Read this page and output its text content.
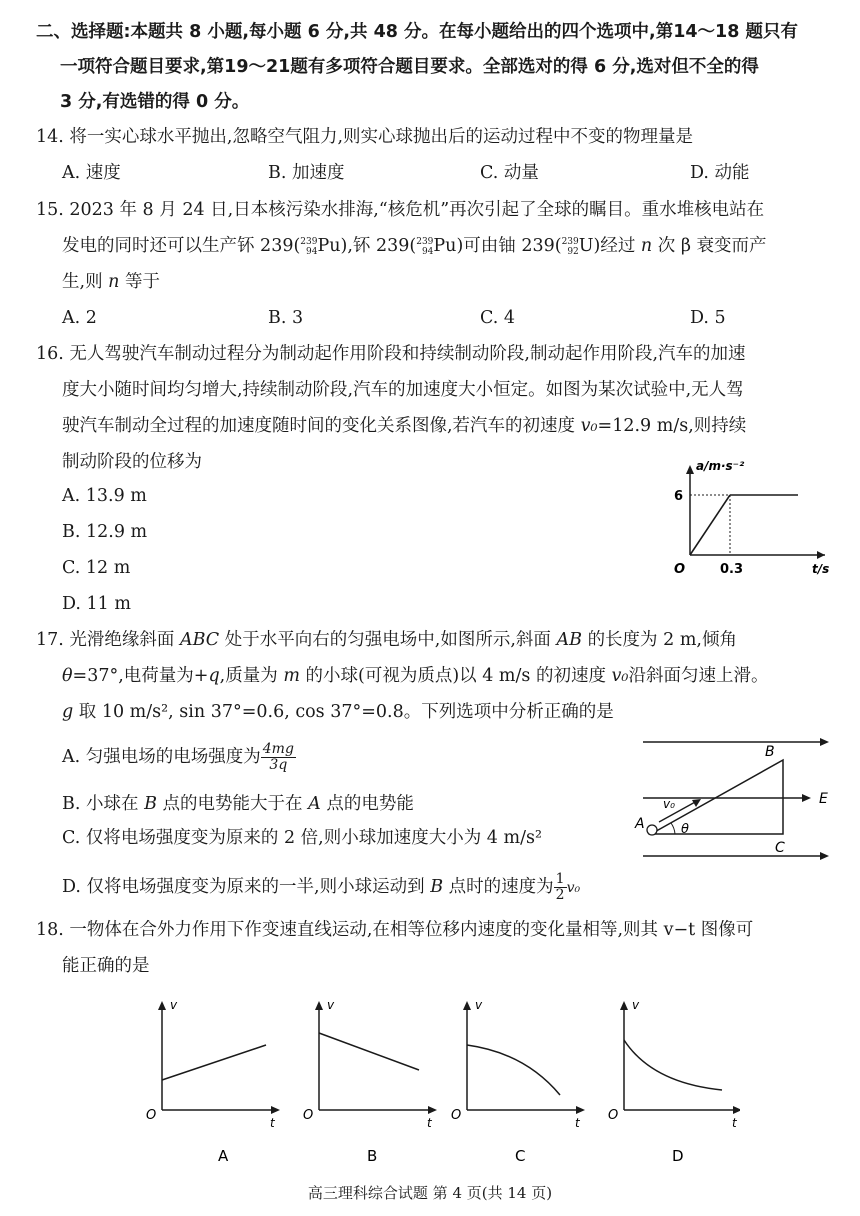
二、选择题:本题共 8 小题,每小题 6 分,共 48 分。在每小题给出的四个选项中,第14～18 题只有
一项符合题目要求,第19～21题有多项符合题目要求。全部选对的得 6 分,选对但不全的得
3 分,有选错的得 0 分。
14. 将一实心球水平抛出,忽略空气阻力,则实心球抛出后的运动过程中不变的物理量是
A. 速度	B. 加速度	C. 动量	D. 动能
15. 2023 年 8 月 24 日,日本核污染水排海,“核危机”再次引起了全球的瞩目。重水堆核电站在
发电的同时还可以生产钚 239( 239
94 Pu),钚 239( 239
94 Pu)可由铀 239( 239
92 U)经过 n 次 β 衰变而产
生,则 n 等于
A. 2	B. 3	C. 4	D. 5
16. 无人驾驶汽车制动过程分为制动起作用阶段和持续制动阶段,制动起作用阶段,汽车的加速
度大小随时间均匀增大,持续制动阶段,汽车的加速度大小恒定。如图为某次试验中,无人驾
驶汽车制动全过程的加速度随时间的变化关系图像,若汽车的初速度 v₀=12.9 m/s,则持续
制动阶段的位移为
A. 13.9 m
B. 12.9 m
C. 12 m
D. 11 m
a/m·s⁻²
6
O	0.3	t/s
17. 光滑绝缘斜面 ABC 处于水平向右的匀强电场中,如图所示,斜面 AB 的长度为 2 m,倾角
θ=37°,电荷量为+q,质量为 m 的小球(可视为质点)以 4 m/s 的初速度 v₀沿斜面匀速上滑。
g 取 10 m/s², sin 37°=0.6, cos 37°=0.8。下列选项中分析正确的是
A. 匀强电场的电场强度为 $\frac{4mg}{3q}$
B. 小球在 B 点的电势能大于在 A 点的电势能
C. 仅将电场强度变为原来的 2 倍,则小球加速度大小为 4 m/s²
D. 仅将电场强度变为原来的一半,则小球运动到 B 点时的速度为 $\frac{1}{2} v_0$
B
E
A
C
v₀
θ
18. 一物体在合外力作用下作变速直线运动,在相等位移内速度的变化量相等,则其 v−t 图像可
能正确的是
v
t
O
A
v
t
O
B
v
t
O
C
v
t
O
D
高三理科综合试题 第 4 页(共 14 页)
